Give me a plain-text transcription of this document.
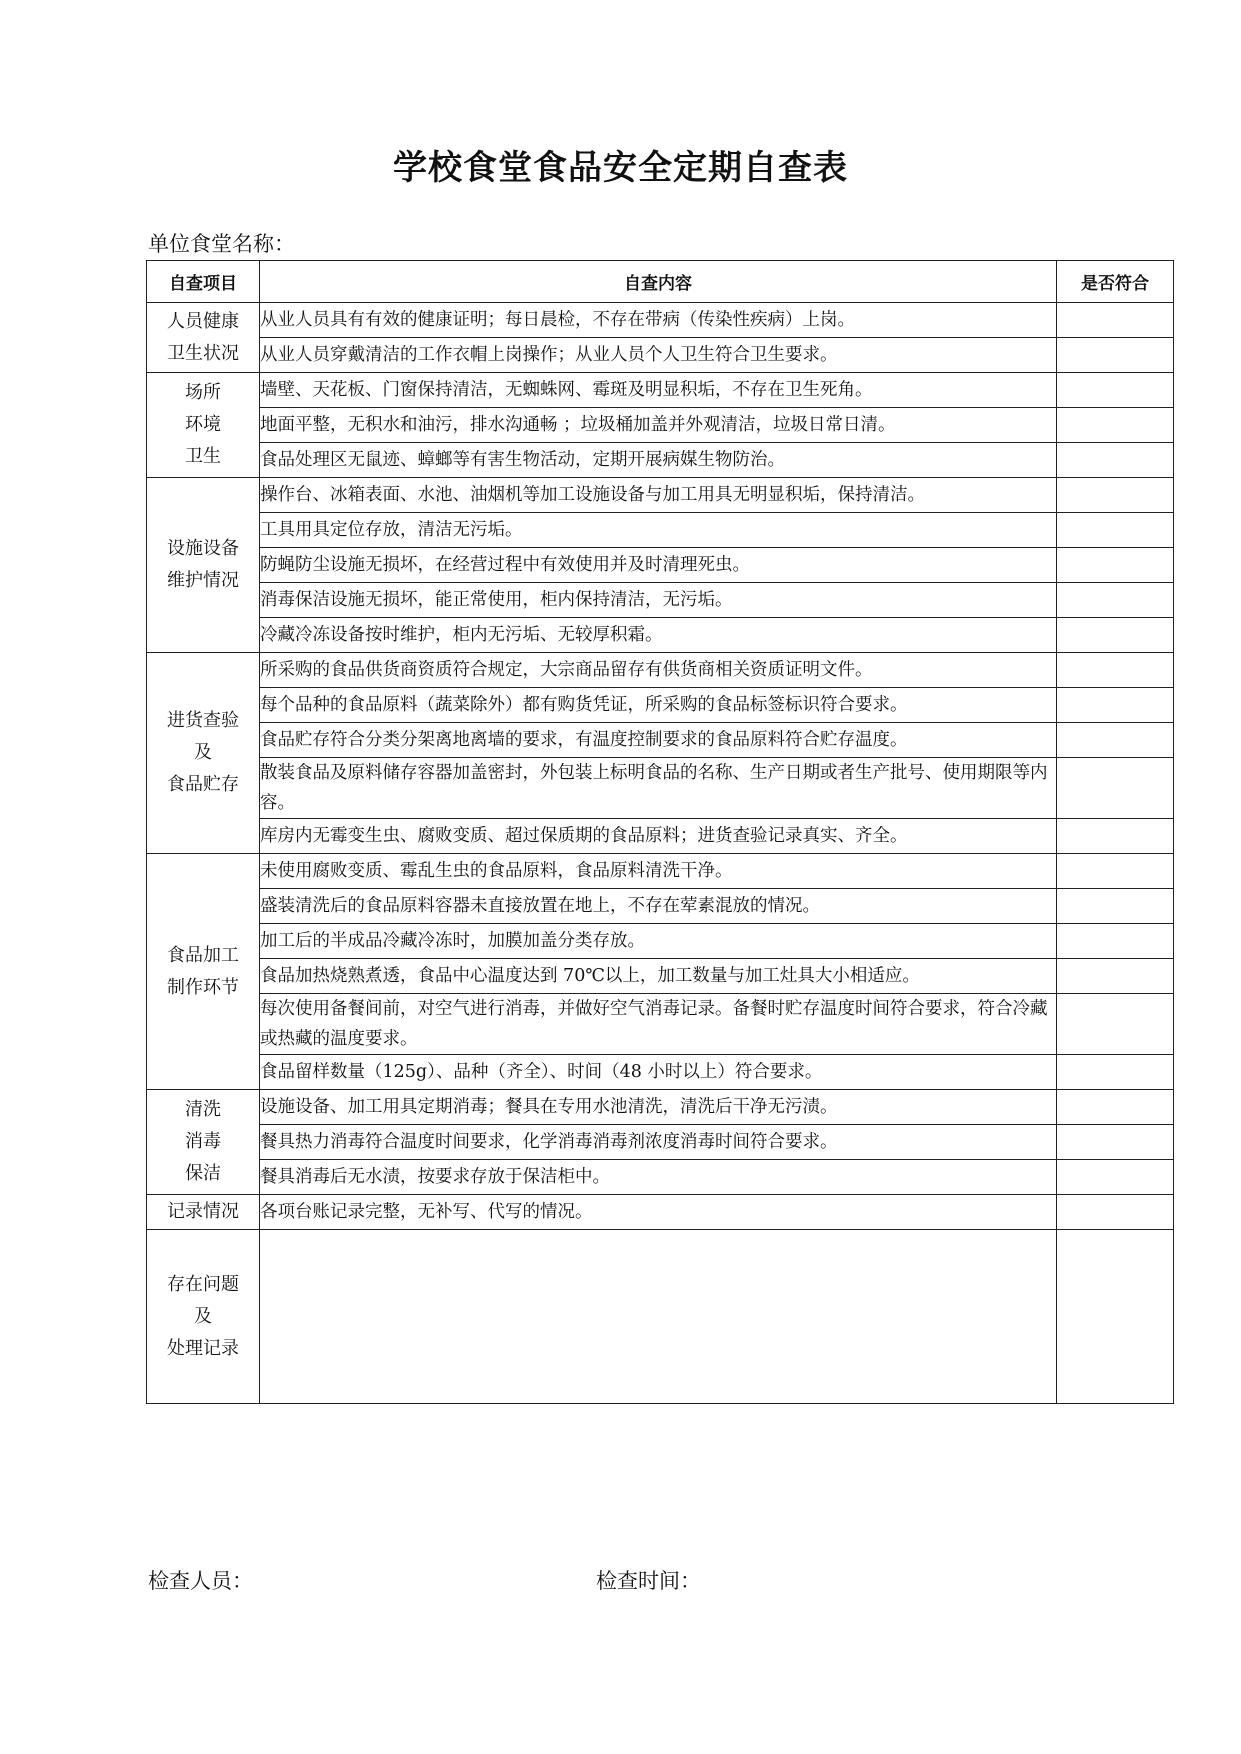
学校食堂食品安全定期自查表
单位食堂名称：
自查项目	自查内容	是否符合

人员健康
卫生状况	从业人员具有有效的健康证明；每日晨检，不存在带病（传染性疾病）上岗。	
	从业人员穿戴清洁的工作衣帽上岗操作；从业人员个人卫生符合卫生要求。	

场所
环境
卫生	墙壁、天花板、门窗保持清洁，无蜘蛛网、霉斑及明显积垢，不存在卫生死角。	
	地面平整，无积水和油污，排水沟通畅 ；垃圾桶加盖并外观清洁，垃圾日常日清。	
	食品处理区无鼠迹、蟑螂等有害生物活动，定期开展病媒生物防治。	

设施设备
维护情况	操作台、冰箱表面、水池、油烟机等加工设施设备与加工用具无明显积垢，保持清洁。	
	工具用具定位存放，清洁无污垢。	
	防蝇防尘设施无损坏，在经营过程中有效使用并及时清理死虫。	
	消毒保洁设施无损坏，能正常使用，柜内保持清洁，无污垢。	
	冷藏冷冻设备按时维护，柜内无污垢、无较厚积霜。	

进货查验
及
食品贮存	所采购的食品供货商资质符合规定，大宗商品留存有供货商相关资质证明文件。	
	每个品种的食品原料（蔬菜除外）都有购货凭证，所采购的食品标签标识符合要求。	
	食品贮存符合分类分架离地离墙的要求，有温度控制要求的食品原料符合贮存温度。	
	散装食品及原料储存容器加盖密封，外包装上标明食品的名称、生产日期或者生产批号、使用期限等内容。	
	库房内无霉变生虫、腐败变质、超过保质期的食品原料；进货查验记录真实、齐全。	

食品加工
制作环节	未使用腐败变质、霉乱生虫的食品原料，食品原料清洗干净。	
	盛装清洗后的食品原料容器未直接放置在地上，不存在荤素混放的情况。	
	加工后的半成品冷藏冷冻时，加膜加盖分类存放。	
	食品加热烧熟煮透，食品中心温度达到 70℃以上，加工数量与加工灶具大小相适应。	
	每次使用备餐间前，对空气进行消毒，并做好空气消毒记录。备餐时贮存温度时间符合要求，符合冷藏或热藏的温度要求。	
	食品留样数量（125g）、品种（齐全）、时间（48 小时以上）符合要求。	

清洗
消毒
保洁	设施设备、加工用具定期消毒；餐具在专用水池清洗，清洗后干净无污渍。	
	餐具热力消毒符合温度时间要求，化学消毒消毒剂浓度消毒时间符合要求。	
	餐具消毒后无水渍，按要求存放于保洁柜中。	

记录情况	各项台账记录完整，无补写、代写的情况。	

存在问题
及
处理记录		

检查人员：	检查时间：
